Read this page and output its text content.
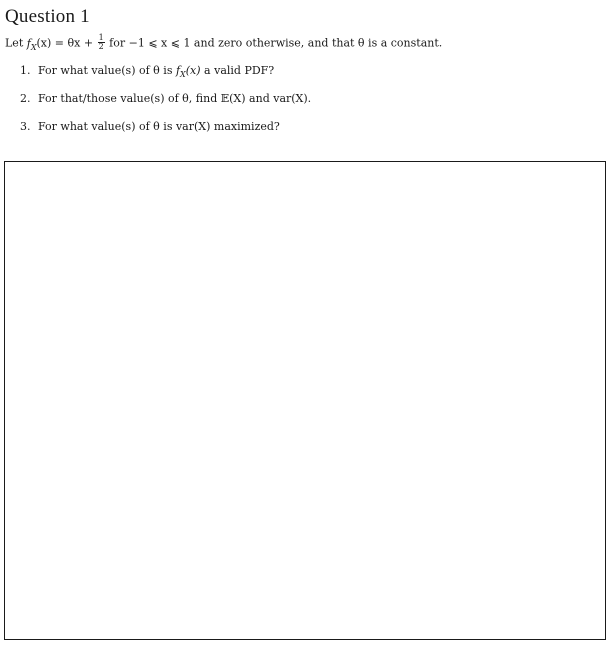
Question 1
Let $f_X(x) = \theta x + \frac{1}{2}$ for −1 ⩽ x ⩽ 1 and zero otherwise, and that θ is a constant.
1. For what value(s) of θ is $f_X(x)$ a valid PDF?
2. For that/those value(s) of θ, find 𝔼(X) and var(X).
3. For what value(s) of θ is var(X) maximized?
